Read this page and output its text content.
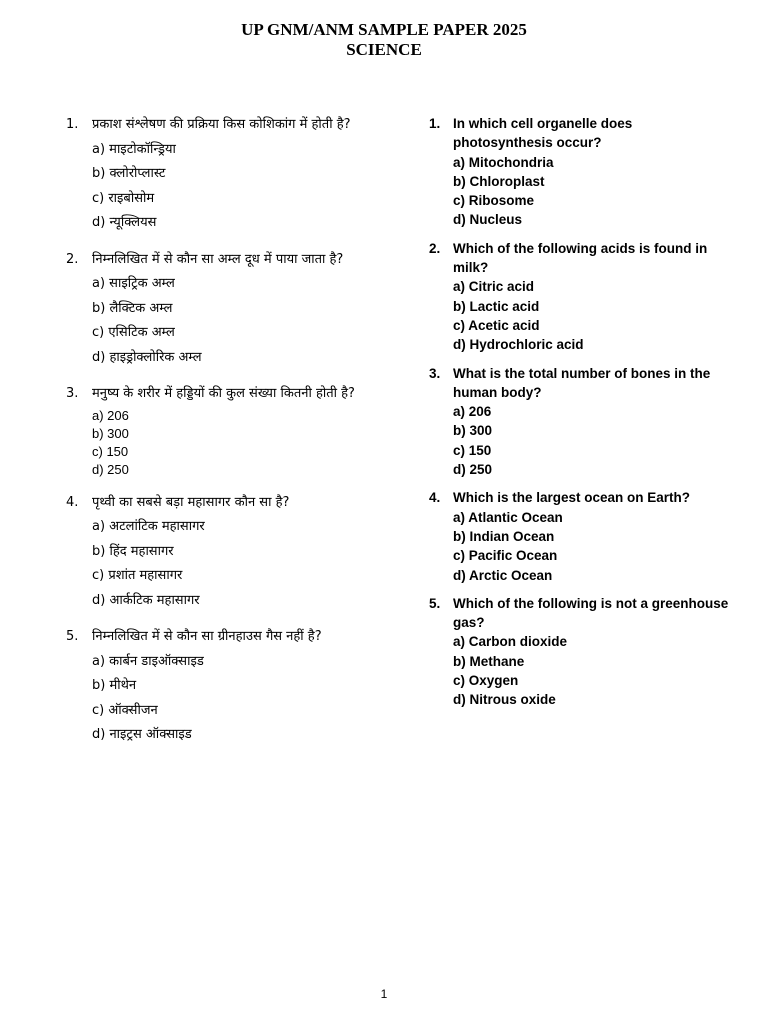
UP GNM/ANM SAMPLE PAPER 2025
SCIENCE
1.	प्रकाश संश्लेषण की प्रक्रिया किस कोशिकांग में होती है?
a) माइटोकॉन्ड्रिया
b) क्लोरोप्लास्ट
c) राइबोसोम
d) न्यूक्लियस
2.	निम्नलिखित में से कौन सा अम्ल दूध में पाया जाता है?
a) साइट्रिक अम्ल
b) लैक्टिक अम्ल
c) एसिटिक अम्ल
d) हाइड्रोक्लोरिक अम्ल
3.	मनुष्य के शरीर में हड्डियों की कुल संख्या कितनी होती है?
a) 206
b) 300
c) 150
d) 250
4.	पृथ्वी का सबसे बड़ा महासागर कौन सा है?
a) अटलांटिक महासागर
b) हिंद महासागर
c) प्रशांत महासागर
d) आर्कटिक महासागर
5.	निम्नलिखित में से कौन सा ग्रीनहाउस गैस नहीं है?
a) कार्बन डाइऑक्साइड
b) मीथेन
c) ऑक्सीजन
d) नाइट्रस ऑक्साइड
1. In which cell organelle does photosynthesis occur?
a) Mitochondria
b) Chloroplast
c) Ribosome
d) Nucleus
2. Which of the following acids is found in milk?
a) Citric acid
b) Lactic acid
c) Acetic acid
d) Hydrochloric acid
3. What is the total number of bones in the human body?
a) 206
b) 300
c) 150
d) 250
4. Which is the largest ocean on Earth?
a) Atlantic Ocean
b) Indian Ocean
c) Pacific Ocean
d) Arctic Ocean
5. Which of the following is not a greenhouse gas?
a) Carbon dioxide
b) Methane
c) Oxygen
d) Nitrous oxide
1
